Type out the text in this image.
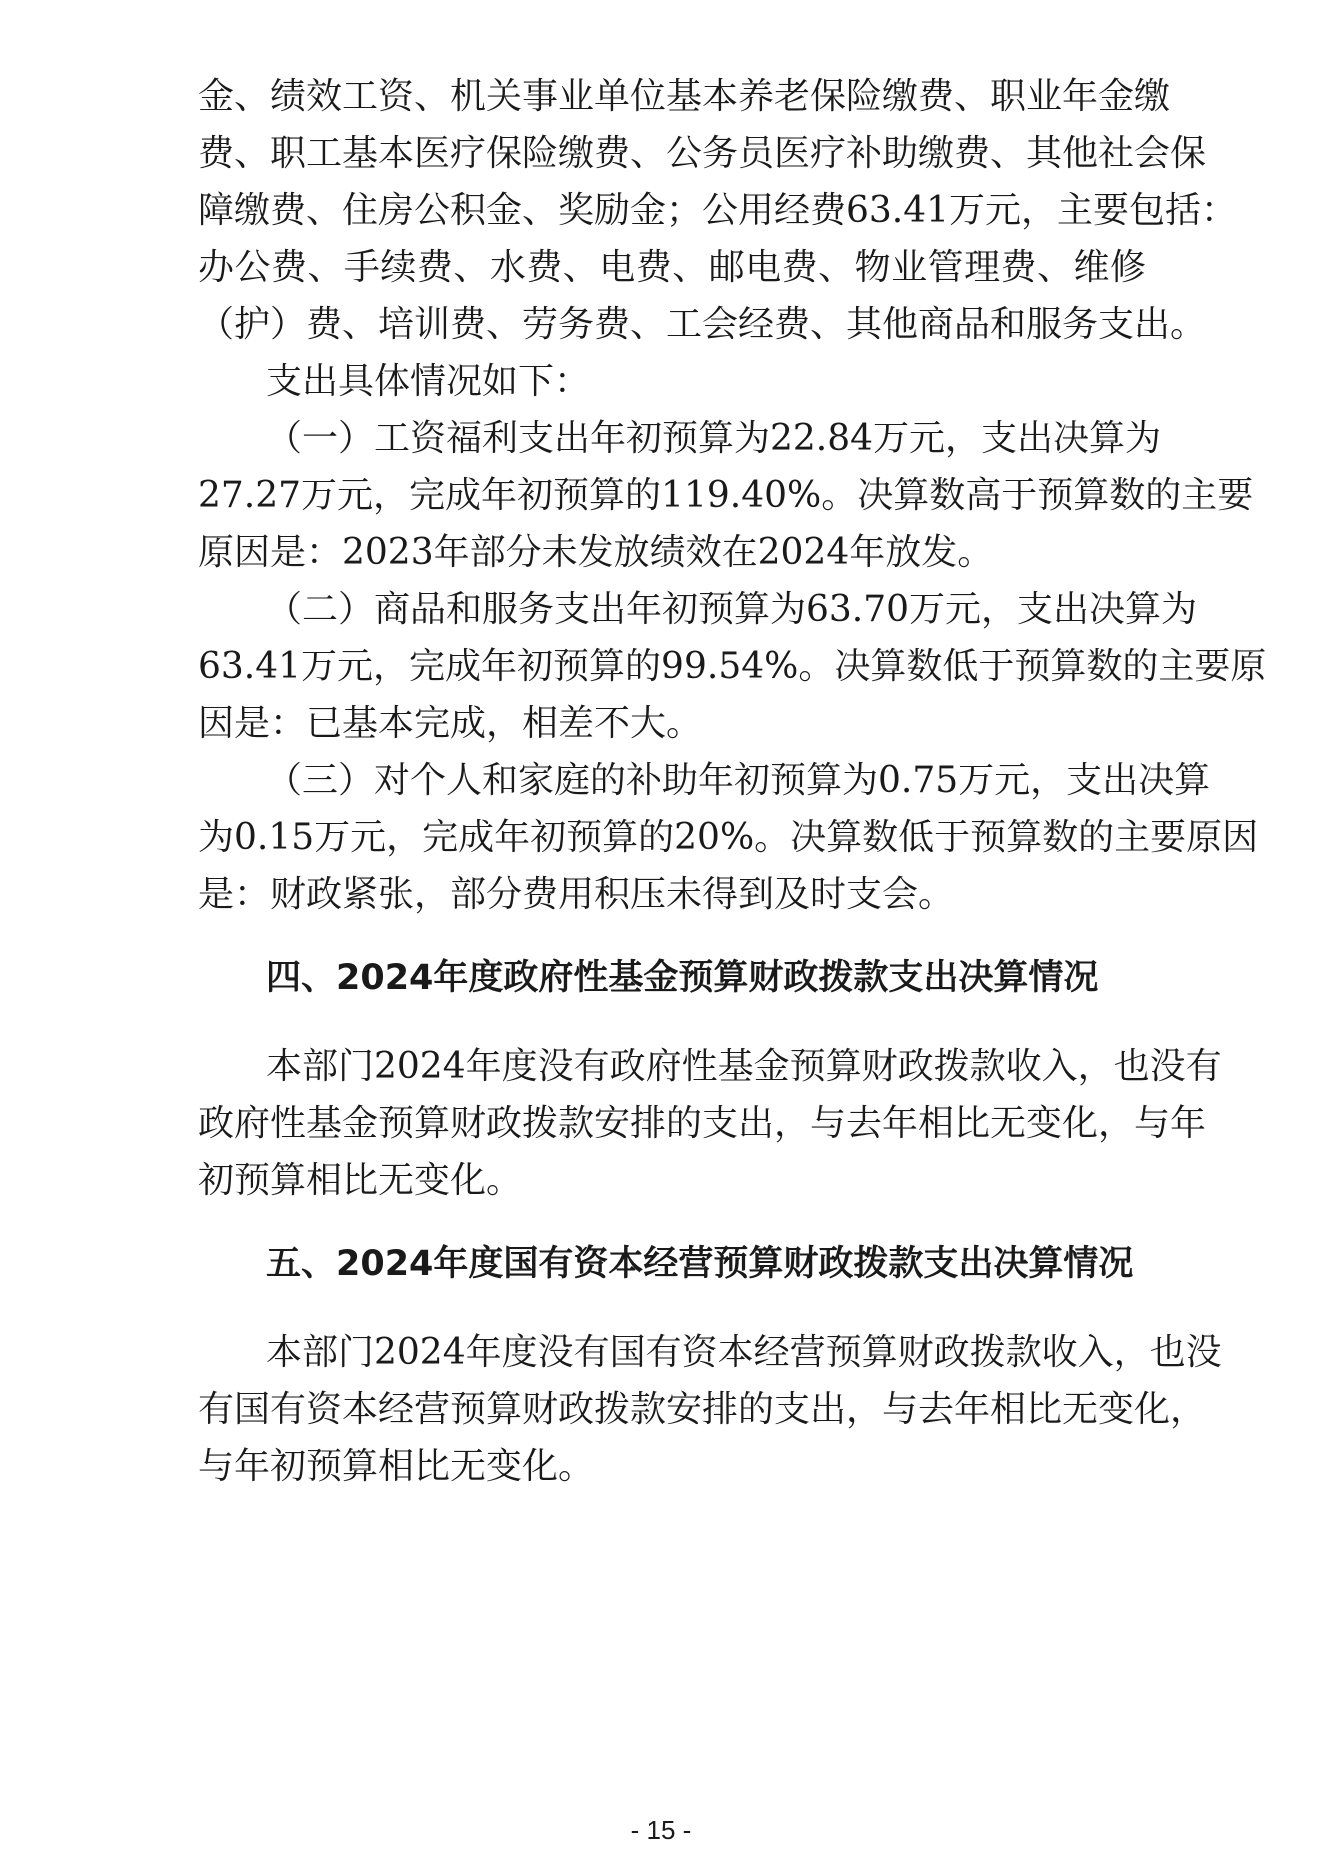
金、绩效工资、机关事业单位基本养老保险缴费、职业年金缴
费、职工基本医疗保险缴费、公务员医疗补助缴费、其他社会保
障缴费、住房公积金、奖励金；公用经费63.41万元，主要包括：
办公费、手续费、水费、电费、邮电费、物业管理费、维修
（护）费、培训费、劳务费、工会经费、其他商品和服务支出。
支出具体情况如下：
（一）工资福利支出年初预算为22.84万元，支出决算为
27.27万元，完成年初预算的119.40%。决算数高于预算数的主要
原因是：2023年部分未发放绩效在2024年放发。
（二）商品和服务支出年初预算为63.70万元，支出决算为
63.41万元，完成年初预算的99.54%。决算数低于预算数的主要原
因是：已基本完成，相差不大。
（三）对个人和家庭的补助年初预算为0.75万元，支出决算
为0.15万元，完成年初预算的20%。决算数低于预算数的主要原因
是：财政紧张，部分费用积压未得到及时支会。
四、2024年度政府性基金预算财政拨款支出决算情况
本部门2024年度没有政府性基金预算财政拨款收入，也没有
政府性基金预算财政拨款安排的支出，与去年相比无变化，与年
初预算相比无变化。
五、2024年度国有资本经营预算财政拨款支出决算情况
本部门2024年度没有国有资本经营预算财政拨款收入，也没
有国有资本经营预算财政拨款安排的支出，与去年相比无变化，
与年初预算相比无变化。
- 15 -
